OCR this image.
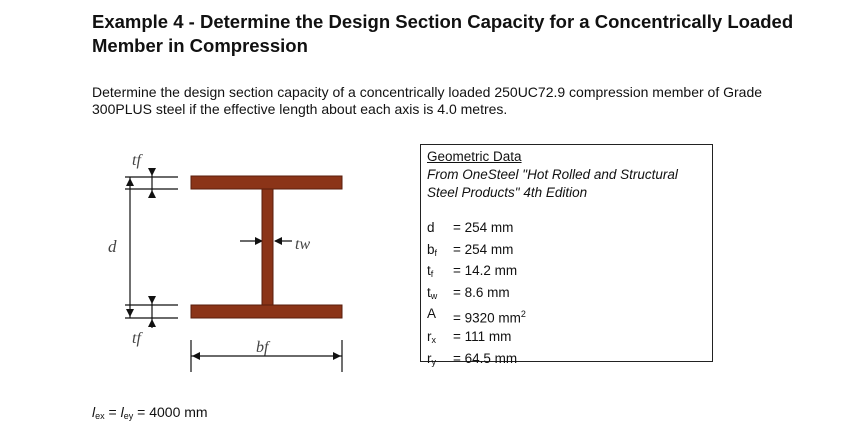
Example 4 - Determine the Design Section Capacity for a Concentrically Loaded Member in Compression

Determine the design section capacity of a concentrically loaded 250UC72.9 compression member of Grade 300PLUS steel if the effective length about each axis is 4.0 metres.

tf
d	tw
tf
bf
Geometric Data
From OneSteel "Hot Rolled and Structural
Steel Products" 4th Edition
d	= 254 mm
$b_f$	= 254 mm
$t_f$	= 14.2 mm
$t_w$	= 8.6 mm
A	= 9320 $mm^2$
$r_x$	= 111 mm
$r_y$	= 64.5 mm
$l_{ex} = l_{ey} = 4000$ mm
